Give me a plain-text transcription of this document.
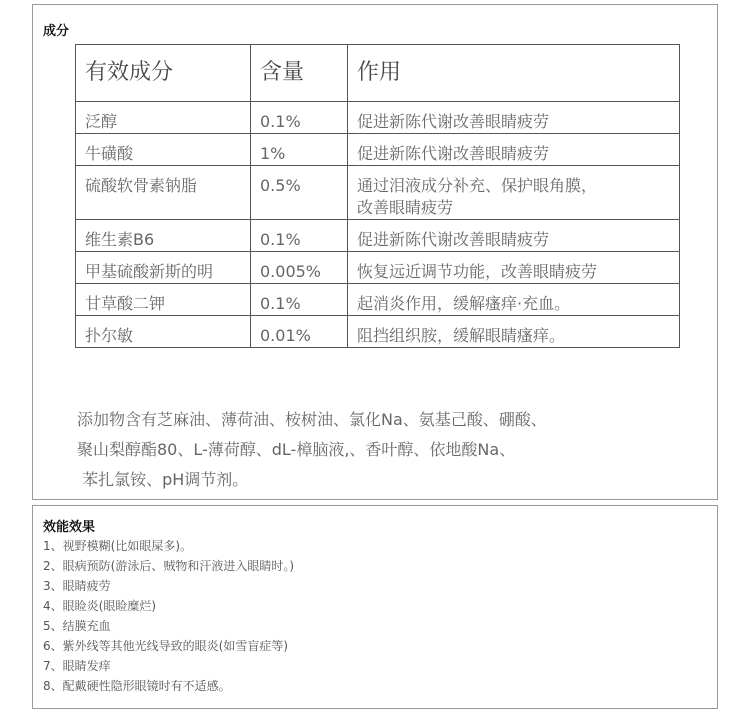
成分
有效成分	含量	作用
泛醇	0.1%	促进新陈代谢改善眼睛疲劳
牛磺酸	1%	促进新陈代谢改善眼睛疲劳
硫酸软骨素钠脂	0.5%	通过泪液成分补充、保护眼角膜，
改善眼睛疲劳
维生素B6	0.1%	促进新陈代谢改善眼睛疲劳
甲基硫酸新斯的明	0.005%	恢复远近调节功能，改善眼睛疲劳
甘草酸二钾	0.1%	起消炎作用，缓解瘙痒·充血。
扑尔敏	0.01%	阻挡组织胺，缓解眼睛瘙痒。
添加物含有芝麻油、薄荷油、桉树油、氯化Na、氨基己酸、硼酸、
聚山梨醇酯80、L-薄荷醇、dL-樟脑液,、香叶醇、依地酸Na、
苯扎氯铵、pH调节剂。
效能效果
1、视野模糊(比如眼屎多)。
2、眼病预防(游泳后、贼物和汗液进入眼睛时。)
3、眼睛疲劳
4、眼睑炎(眼睑糜烂)
5、结膜充血
6、紫外线等其他光线导致的眼炎(如雪盲症等)
7、眼睛发痒
8、配戴硬性隐形眼镜时有不适感。
